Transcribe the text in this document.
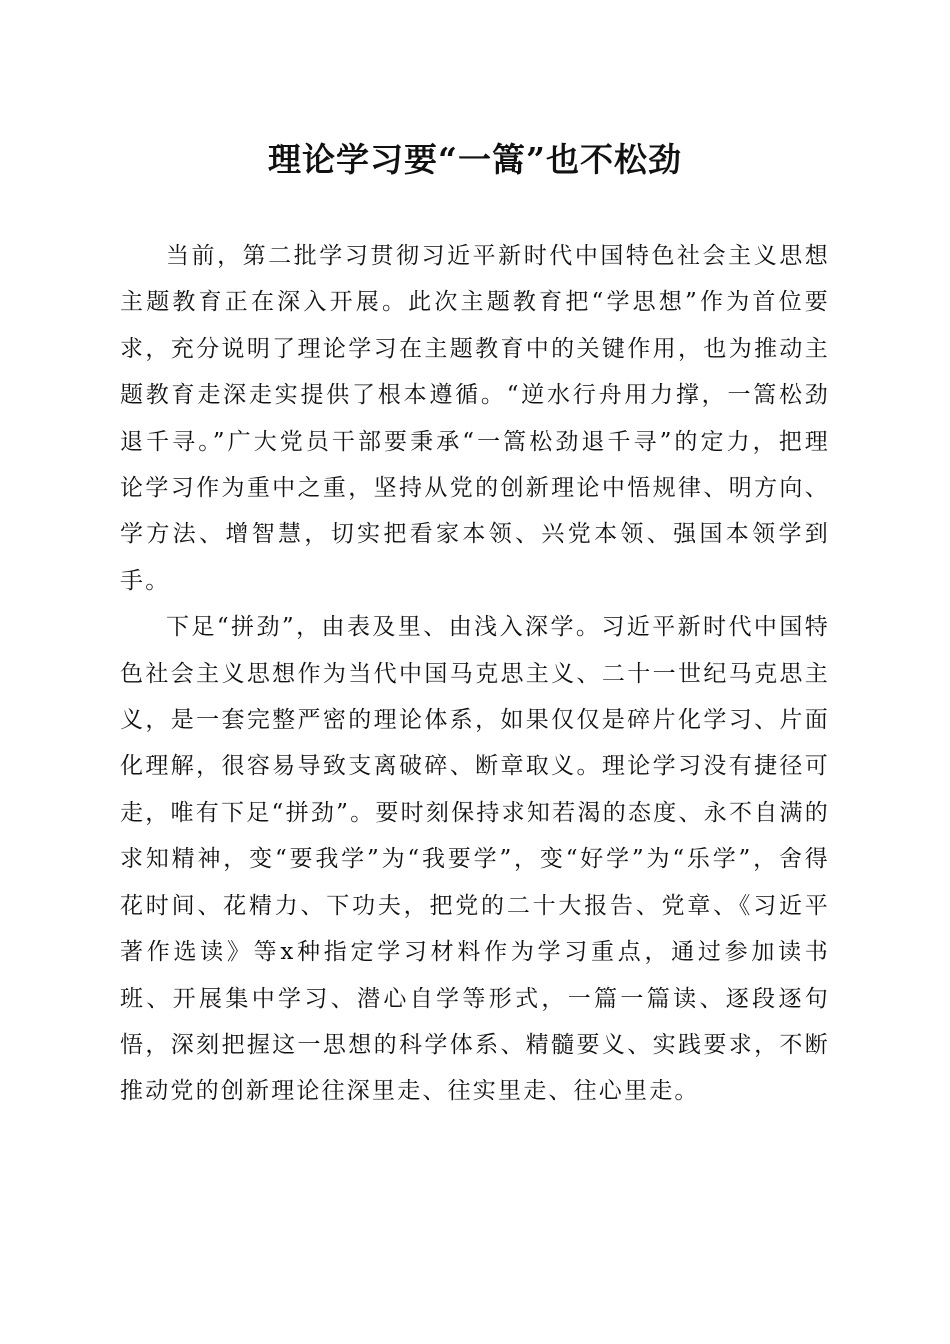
理论学习要“一篙”也不松劲

当前，第二批学习贯彻习近平新时代中国特色社会主义思想主题教育正在深入开展。此次主题教育把“学思想”作为首位要求，充分说明了理论学习在主题教育中的关键作用，也为推动主题教育走深走实提供了根本遵循。“逆水行舟用力撑，一篙松劲退千寻。”广大党员干部要秉承“一篙松劲退千寻”的定力，把理论学习作为重中之重，坚持从党的创新理论中悟规律、明方向、学方法、增智慧，切实把看家本领、兴党本领、强国本领学到手。

下足“拼劲”，由表及里、由浅入深学。习近平新时代中国特色社会主义思想作为当代中国马克思主义、二十一世纪马克思主义，是一套完整严密的理论体系，如果仅仅是碎片化学习、片面化理解，很容易导致支离破碎、断章取义。理论学习没有捷径可走，唯有下足“拼劲”。要时刻保持求知若渴的态度、永不自满的求知精神，变“要我学”为“我要学”，变“好学”为“乐学”，舍得花时间、花精力、下功夫，把党的二十大报告、党章、《习近平著作选读》等x种指定学习材料作为学习重点，通过参加读书班、开展集中学习、潜心自学等形式，一篇一篇读、逐段逐句悟，深刻把握这一思想的科学体系、精髓要义、实践要求，不断推动党的创新理论往深里走、往实里走、往心里走。
